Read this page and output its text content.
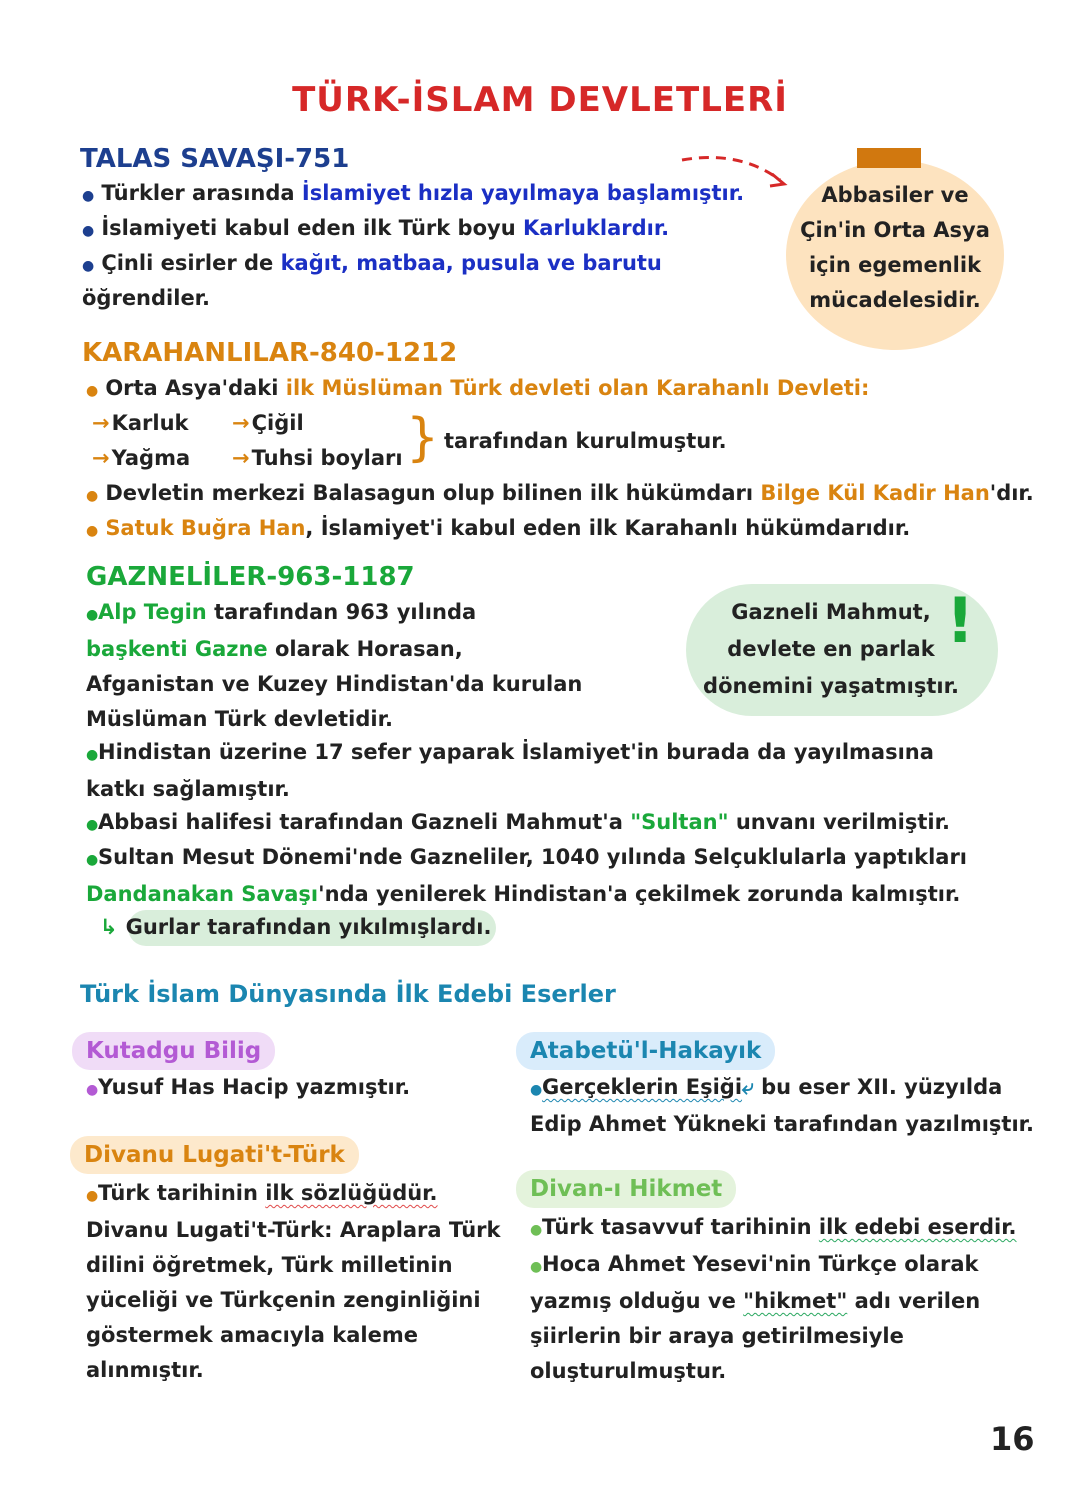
TÜRK-İSLAM DEVLETLERİ
TALAS SAVAŞI-751
● Türkler arasında İslamiyet hızla yayılmaya başlamıştır.
● İslamiyeti kabul eden ilk Türk boyu Karluklardır.
● Çinli esirler de kağıt, matbaa, pusula ve barutu
öğrendiler.
Abbasiler ve
Çin'in Orta Asya
için egemenlik
mücadelesidir.
KARAHANLILAR-840-1212
● Orta Asya'daki ilk Müslüman Türk devleti olan Karahanlı Devleti:
→Karluk →Çiğil
→Yağma →Tuhsi boyları } tarafından kurulmuştur.
● Devletin merkezi Balasagun olup bilinen ilk hükümdarı Bilge Kül Kadir Han'dır.
● Satuk Buğra Han, İslamiyet'i kabul eden ilk Karahanlı hükümdarıdır.
GAZNELİLER-963-1187
●Alp Tegin tarafından 963 yılında
başkenti Gazne olarak Horasan,
Afganistan ve Kuzey Hindistan'da kurulan
Müslüman Türk devletidir.
Gazneli Mahmut,
devlete en parlak
dönemini yaşatmıştır.
!
●Hindistan üzerine 17 sefer yaparak İslamiyet'in burada da yayılmasına
katkı sağlamıştır.
●Abbasi halifesi tarafından Gazneli Mahmut'a "Sultan" unvanı verilmiştir.
●Sultan Mesut Dönemi'nde Gazneliler, 1040 yılında Selçuklularla yaptıkları
Dandanakan Savaşı'nda yenilerek Hindistan'a çekilmek zorunda kalmıştır.
↳ Gurlar tarafından yıkılmışlardı.
Türk İslam Dünyasında İlk Edebi Eserler
Kutadgu Bilig
●Yusuf Has Hacip yazmıştır.
Divanu Lugati't-Türk
●Türk tarihinin ilk sözlüğüdür.
Divanu Lugati't-Türk: Araplara Türk
dilini öğretmek, Türk milletinin
yüceliği ve Türkçenin zenginliğini
göstermek amacıyla kaleme
alınmıştır.
Atabetü'l-Hakayık
●Gerçeklerin Eşiği⤶ bu eser XII. yüzyılda
Edip Ahmet Yükneki tarafından yazılmıştır.
Divan-ı Hikmet
●Türk tasavvuf tarihinin ilk edebi eserdir.
●Hoca Ahmet Yesevi'nin Türkçe olarak
yazmış olduğu ve "hikmet" adı verilen
şiirlerin bir araya getirilmesiyle
oluşturulmuştur.
16
